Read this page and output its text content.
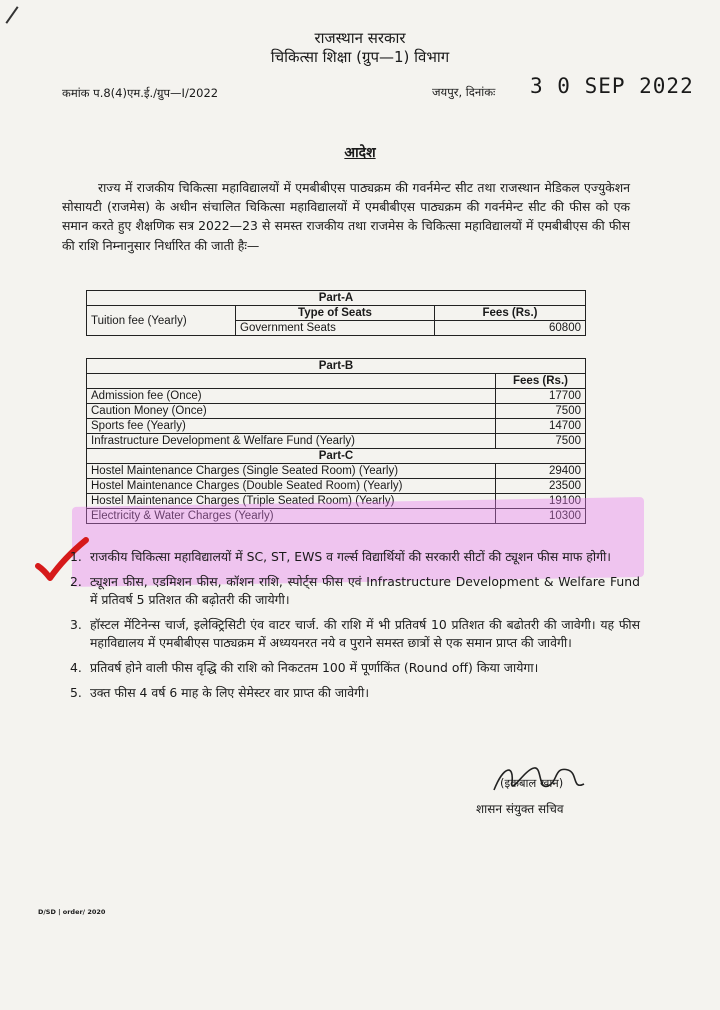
राजस्थान सरकार
चिकित्सा शिक्षा (ग्रुप—1) विभाग
कमांक प.8(4)एम.ई./ग्रुप—I/2022	जयपुर, दिनांकः 3 0 SEP 2022
आदेश
राज्य में राजकीय चिकित्सा महाविद्यालयों में एमबीबीएस पाठ्यक्रम की गवर्नमेन्ट सीट तथा राजस्थान मेडिकल एज्युकेशन सोसायटी (राजमेस) के अधीन संचालित चिकित्सा महाविद्यालयों में एमबीबीएस पाठ्यक्रम की गवर्नमेन्ट सीट की फीस को एक समान करते हुए शैक्षणिक सत्र 2022—23 से समस्त राजकीय तथा राजमेस के चिकित्सा महाविद्यालयों में एमबीबीएस की फीस की राशि निम्नानुसार निर्धारित की जाती हैः—
Part-A		
Tuition fee (Yearly)	Type of Seats	Fees (Rs.)
	Government Seats	60800
Part-B	
	Fees (Rs.)
Admission fee (Once)	17700
Caution Money (Once)	7500
Sports fee (Yearly)	14700
Infrastructure Development & Welfare Fund (Yearly)	7500
Part-C	
Hostel Maintenance Charges (Single Seated Room) (Yearly)	29400
Hostel Maintenance Charges (Double Seated Room) (Yearly)	23500
Hostel Maintenance Charges (Triple Seated Room) (Yearly)	19100
Electricity & Water Charges (Yearly)	10300
1. राजकीय चिकित्सा महाविद्यालयों में SC, ST, EWS व गर्ल्स विद्यार्थियों की सरकारी सीटों की ट्यूशन फीस माफ होगी।
2. ट्यूशन फीस, एडमिशन फीस, कॉशन राशि, स्पोर्ट्स फीस एवं Infrastructure Development & Welfare Fund में प्रतिवर्ष 5 प्रतिशत की बढ़ोतरी की जायेगी।
3. हॉस्टल मेंटिनेन्स चार्ज, इलेक्ट्रिसिटी एंव वाटर चार्ज. की राशि में भी प्रतिवर्ष 10 प्रतिशत की बढोतरी की जावेगी। यह फीस महाविद्यालय में एमबीबीएस पाठ्यक्रम में अध्ययनरत नये व पुराने समस्त छात्रों से एक समान प्राप्त की जावेगी।
4. प्रतिवर्ष होने वाली फीस वृद्धि की राशि को निकटतम 100 में पूर्णाकिंत (Round off) किया जायेगा।
5. उक्त फीस 4 वर्ष 6 माह के लिए सेमेस्टर वार प्राप्त की जावेगी।
(इकबाल खान)
शासन संयुक्त सचिव
D/SD | order/ 2020
